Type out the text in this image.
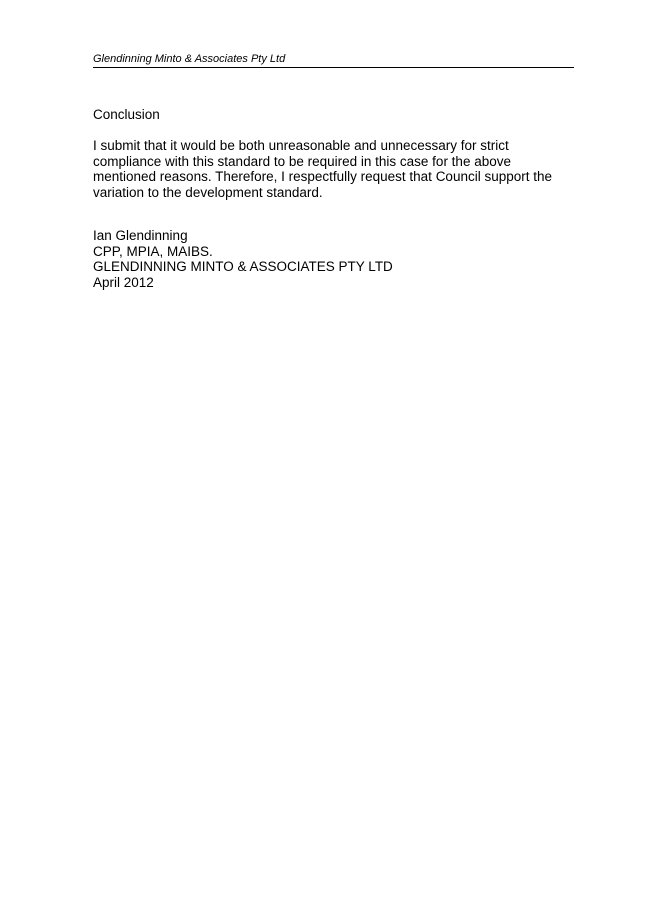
Glendinning Minto & Associates Pty Ltd
Conclusion
I submit that it would be both unreasonable and unnecessary for strict
compliance with this standard to be required in this case for the above
mentioned reasons. Therefore, I respectfully request that Council support the
variation to the development standard.
Ian Glendinning
CPP, MPIA, MAIBS.
GLENDINNING MINTO & ASSOCIATES PTY LTD
April 2012
